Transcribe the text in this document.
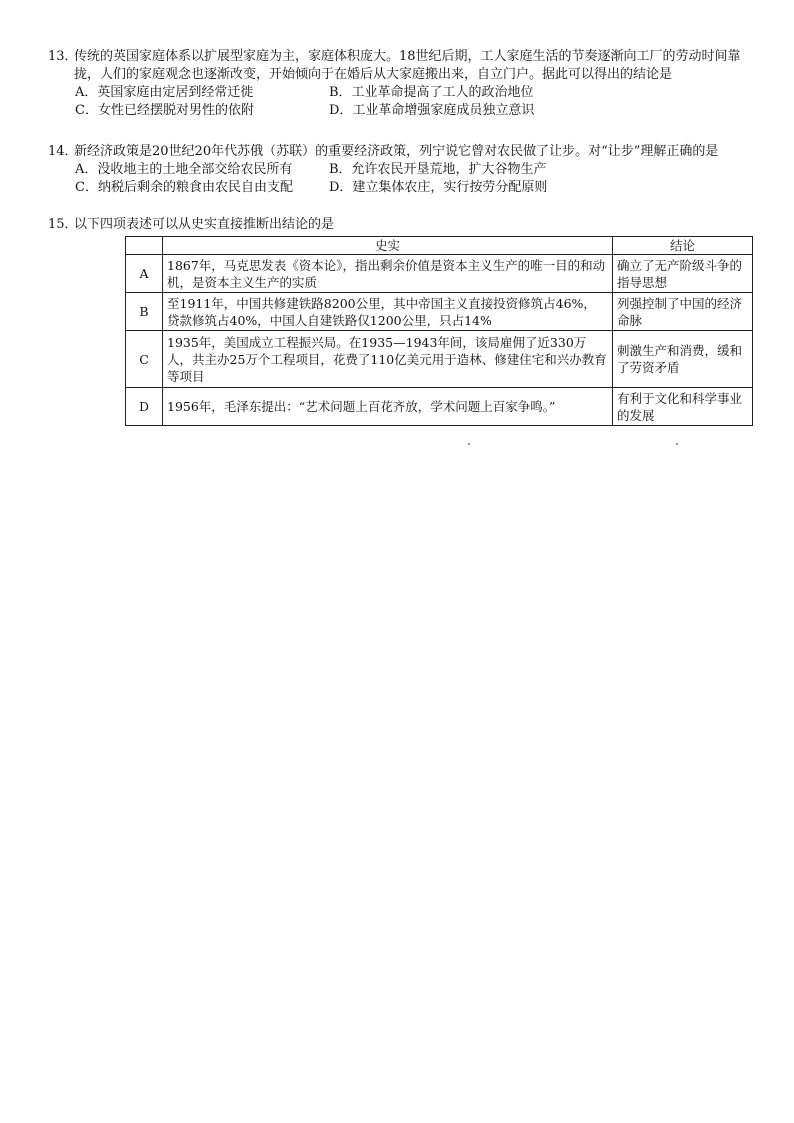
13．
传统的英国家庭体系以扩展型家庭为主，家庭体积庞大。18世纪后期，工人家庭生活的节奏逐渐向工厂的劳动时间靠拢，人们的家庭观念也逐渐改变，开始倾向于在婚后从大家庭搬出来，自立门户。据此可以得出的结论是
A．英国家庭由定居到经常迁徙	B．工业革命提高了工人的政治地位
C．女性已经摆脱对男性的依附	D．工业革命增强家庭成员独立意识
14．
新经济政策是20世纪20年代苏俄（苏联）的重要经济政策，列宁说它曾对农民做了让步。对“让步”理解正确的是
A．没收地主的土地全部交给农民所有	B．允许农民开垦荒地，扩大谷物生产
C．纳税后剩余的粮食由农民自由支配	D．建立集体农庄，实行按劳分配原则
15．
以下四项表述可以从史实直接推断出结论的是
	史实	结论
A	1867年，马克思发表《资本论》，指出剩余价值是资本主义生产的唯一目的和动机，是资本主义生产的实质	确立了无产阶级斗争的指导思想
B	至1911年，中国共修建铁路8200公里，其中帝国主义直接投资修筑占46%，贷款修筑占40%，中国人自建铁路仅1200公里，只占14%	列强控制了中国的经济命脉
C	1935年，美国成立工程振兴局。在1935—1943年间，该局雇佣了近330万人，共主办25万个工程项目，花费了110亿美元用于造林、修建住宅和兴办教育等项目	刺激生产和消费，缓和了劳资矛盾
D	1956年，毛泽东提出：“艺术问题上百花齐放，学术问题上百家争鸣。”	有利于文化和科学事业的发展
